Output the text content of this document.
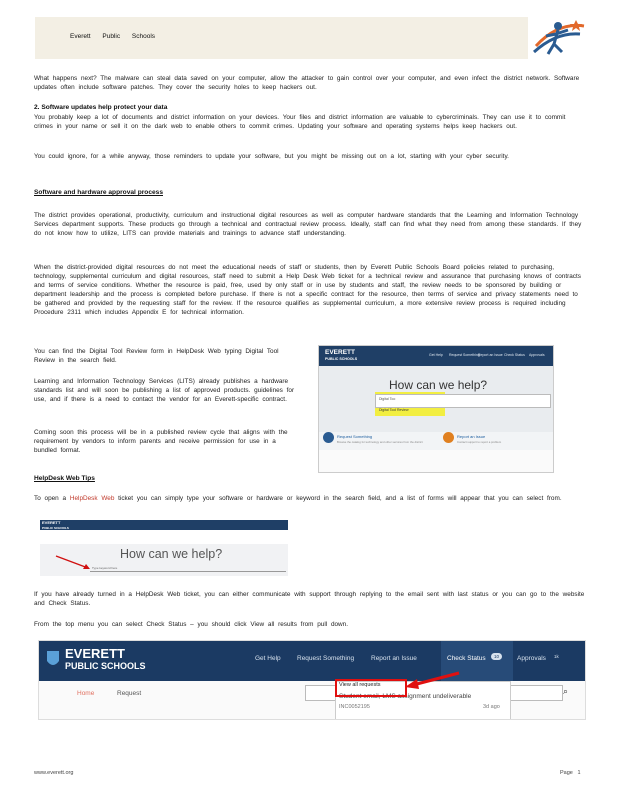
Everett Public Schools
What happens next? The malware can steal data saved on your computer, allow the attacker to gain control over your computer, and even infect the district network. Software updates often include software patches. They cover the security holes to keep hackers out.
2. Software updates help protect your data
You probably keep a lot of documents and district information on your devices. Your files and district information are valuable to cybercriminals. They can use it to commit crimes in your name or sell it on the dark web to enable others to commit crimes. Updating your software and operating systems helps keep hackers out.
You could ignore, for a while anyway, those reminders to update your software, but you might be missing out on a lot, starting with your cyber security.
Software and hardware approval process
The district provides operational, productivity, curriculum and instructional digital resources as well as computer hardware standards that the Learning and Information Technology Services department supports. These products go through a technical and contractual review process. Ideally, staff can find what they need from among these standards. If they do not know how to utilize, LITS can provide materials and trainings to advance staff understanding.
When the district-provided digital resources do not meet the educational needs of staff or students, then by Everett Public Schools Board policies related to purchasing, technology, supplemental curriculum and digital resources, staff need to submit a Help Desk Web ticket for a technical review and assurance that purchasing knows of contracts and terms of service conditions. Whether the resource is paid, free, used by only staff or in use by students and staff, the review needs to be sponsored by building or department leadership and the process is completed before purchase. If there is not a specific contract for the resource, then terms of service and privacy statements need to be gathered and provided by the requesting staff for the review. If the resource qualifies as supplemental curriculum, a more extensive review process is required including Procedure 2311 which includes Appendix E for technical information.
You can find the Digital Tool Review form in HelpDesk Web typing Digital Tool Review in the search field.
Learning and Information Technology Services (LITS) already publishes a hardware standards list and will soon be publishing a list of approved products. guidelines for use, and if there is a need to contact the vendor for an Everett-specific contract.
Coming soon this process will be in a published review cycle that aligns with the requirement by vendors to inform parents and receive permission for use in a bundled format.
EVERETT
PUBLIC SCHOOLS
Get Help Request Something
Report an Issue Check Status Approvals
How can we help?
Digital Too
Digital Tool Review
Request Something
Browse the catalog for technology and other services from the district
Report an Issue
Contact support to report a problem
HelpDesk Web Tips
To open a HelpDesk Web ticket you can simply type your software or hardware or keyword in the search field, and a list of forms will appear that you can select from.
EVERETT
PUBLIC SCHOOLS
How can we help?
Type keyword here
If you have already turned in a HelpDesk Web ticket, you can either communicate with support through replying to the email sent with last status or you can go to the website and Check Status.
From the top menu you can select Check Status – you should click View all results from pull down.
EVERETT
PUBLIC SCHOOLS
Get Help	Request Something	Report an Issue	Check Status	10	Approvals	1k
Home	Request	⌕
View all requests
Student email, LMS assignment undeliverable
INC0052195	3d ago
www.everett.org	Page 1
